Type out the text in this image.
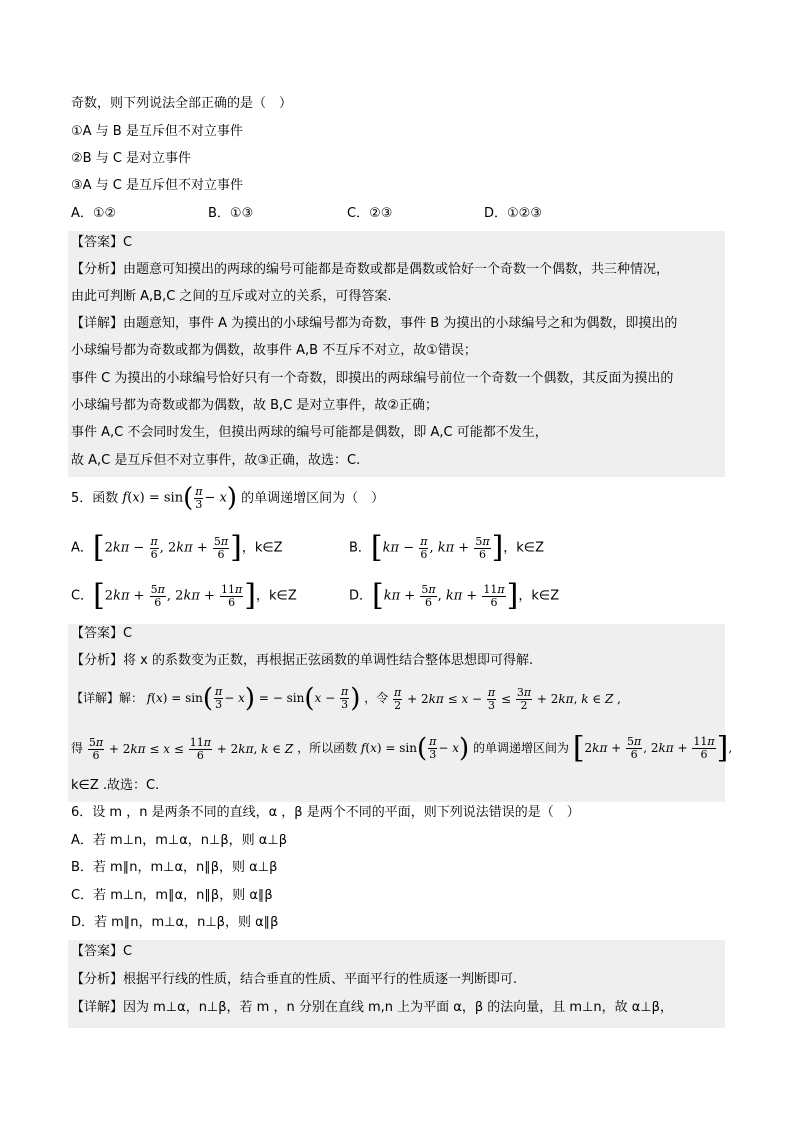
奇数，则下列说法全部正确的是（　）
①A 与 B 是互斥但不对立事件
②B 与 C 是对立事件
③A 与 C 是互斥但不对立事件
A．①②	B．①③	C．②③	D．①②③
【答案】C
【分析】由题意可知摸出的两球的编号可能都是奇数或都是偶数或恰好一个奇数一个偶数，共三种情况，
由此可判断 A,B,C 之间的互斥或对立的关系，可得答案.
【详解】由题意知，事件 A 为摸出的小球编号都为奇数，事件 B 为摸出的小球编号之和为偶数，即摸出的
小球编号都为奇数或都为偶数，故事件 A,B 不互斥不对立，故①错误；
事件 C 为摸出的小球编号恰好只有一个奇数，即摸出的两球编号前位一个奇数一个偶数，其反面为摸出的
小球编号都为奇数或都为偶数，故 B,C 是对立事件，故②正确；
事件 A,C 不会同时发生，但摸出两球的编号可能都是偶数，即 A,C 可能都不发生，
故 A,C 是互斥但不对立事件，故③正确，故选：C.
5．函数 $f(x) = \sin( \frac{\pi}{3} - x)$ 的单调递增区间为（　）
A．[$2k\pi - \frac{\pi}{6}$ , $2k\pi + \frac{5\pi}{6}$ ]，k∈Z	B．[$k\pi - \frac{\pi}{6}$ , $k\pi + \frac{5\pi}{6}$ ]，k∈Z
C．[$2k\pi + \frac{5\pi}{6}$ , $2k\pi + \frac{11\pi}{6}$ ]，k∈Z	D．[$k\pi + \frac{5\pi}{6}$ , $k\pi + \frac{11\pi}{6}$ ]，k∈Z
【答案】C
【分析】将 x 的系数变为正数，再根据正弦函数的单调性结合整体思想即可得解.
【详解】解： $f(x) = \sin( \frac{\pi}{3} - x)$ = − $\sin(x - \frac{\pi}{3}$ ) ，令 $\frac{\pi}{2} + 2k\pi \le x - \frac{\pi}{3} \le \frac{3\pi}{2} + 2k\pi$, k ∈ Z ,
得 $\frac{5\pi}{6} + 2k\pi \le x \le \frac{11\pi}{6} + 2k\pi$, k ∈ Z ，所以函数 $f(x) = \sin( \frac{\pi}{3} - x)$ 的单调递增区间为 [$2k\pi + \frac{5\pi}{6}$ , $2k\pi + \frac{11\pi}{6}$ ],
k∈Z .故选：C.
6．设 m ，n 是两条不同的直线，α ，β 是两个不同的平面，则下列说法错误的是（　）
A．若 m⊥n，m⊥α，n⊥β，则 α⊥β
B．若 m∥n，m⊥α，n∥β，则 α⊥β
C．若 m⊥n，m∥α，n∥β，则 α∥β
D．若 m∥n，m⊥α，n⊥β，则 α∥β
【答案】C
【分析】根据平行线的性质，结合垂直的性质、平面平行的性质逐一判断即可.
【详解】因为 m⊥α，n⊥β，若 m ，n 分别在直线 m,n 上为平面 α，β 的法向量，且 m⊥n，故 α⊥β，
